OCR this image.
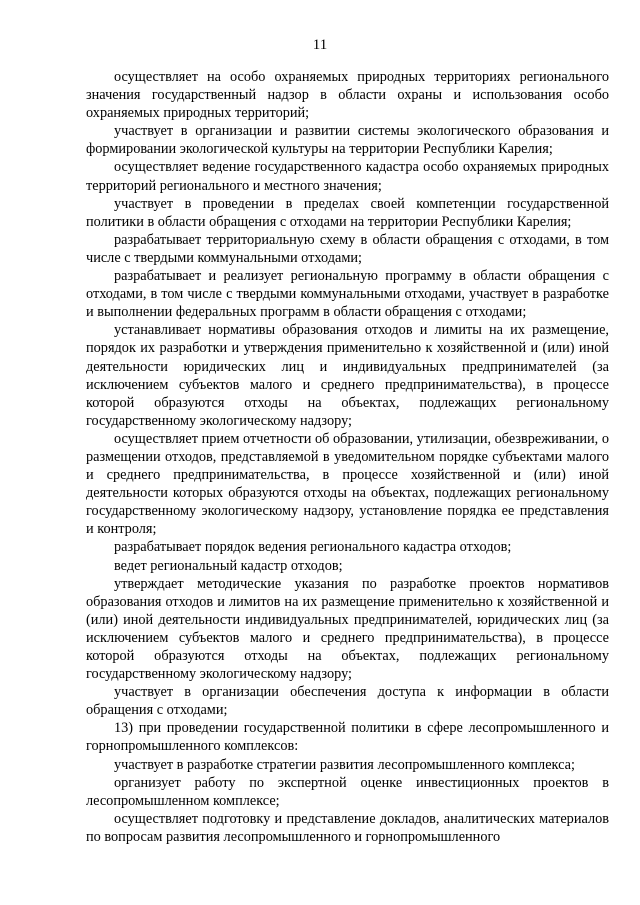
11

осуществляет на особо охраняемых природных территориях регионального значения государственный надзор в области охраны и использования особо охраняемых природных территорий;

участвует в организации и развитии системы экологического образования и формировании экологической культуры на территории Республики Карелия;

осуществляет ведение государственного кадастра особо охраняемых природных территорий регионального и местного значения;

участвует в проведении в пределах своей компетенции государственной политики в области обращения с отходами на территории Республики Карелия;

разрабатывает территориальную схему в области обращения с отходами, в том числе с твердыми коммунальными отходами;

разрабатывает и реализует региональную программу в области обращения с отходами, в том числе с твердыми коммунальными отходами, участвует в разработке и выполнении федеральных программ в области обращения с отходами;

устанавливает нормативы образования отходов и лимиты на их размещение, порядок их разработки и утверждения применительно к хозяйственной и (или) иной деятельности юридических лиц и индивидуальных предпринимателей (за исключением субъектов малого и среднего предпринимательства), в процессе которой образуются отходы на объектах, подлежащих региональному государственному экологическому надзору;

осуществляет прием отчетности об образовании, утилизации, обезвреживании, о размещении отходов, представляемой в уведомительном порядке субъектами малого и среднего предпринимательства, в процессе хозяйственной и (или) иной деятельности которых образуются отходы на объектах, подлежащих региональному государственному экологическому надзору, установление порядка ее представления и контроля;

разрабатывает порядок ведения регионального кадастра отходов;

ведет региональный кадастр отходов;

утверждает методические указания по разработке проектов нормативов образования отходов и лимитов на их размещение применительно к хозяйственной и (или) иной деятельности индивидуальных предпринимателей, юридических лиц (за исключением субъектов малого и среднего предпринимательства), в процессе которой образуются отходы на объектах, подлежащих региональному государственному экологическому надзору;

участвует в организации обеспечения доступа к информации в области обращения с отходами;

13) при проведении государственной политики в сфере лесопромышленного и горнопромышленного комплексов:

участвует в разработке стратегии развития лесопромышленного комплекса;

организует работу по экспертной оценке инвестиционных проектов в лесопромышленном комплексе;

осуществляет подготовку и представление докладов, аналитических материалов по вопросам развития лесопромышленного и горнопромышленного
